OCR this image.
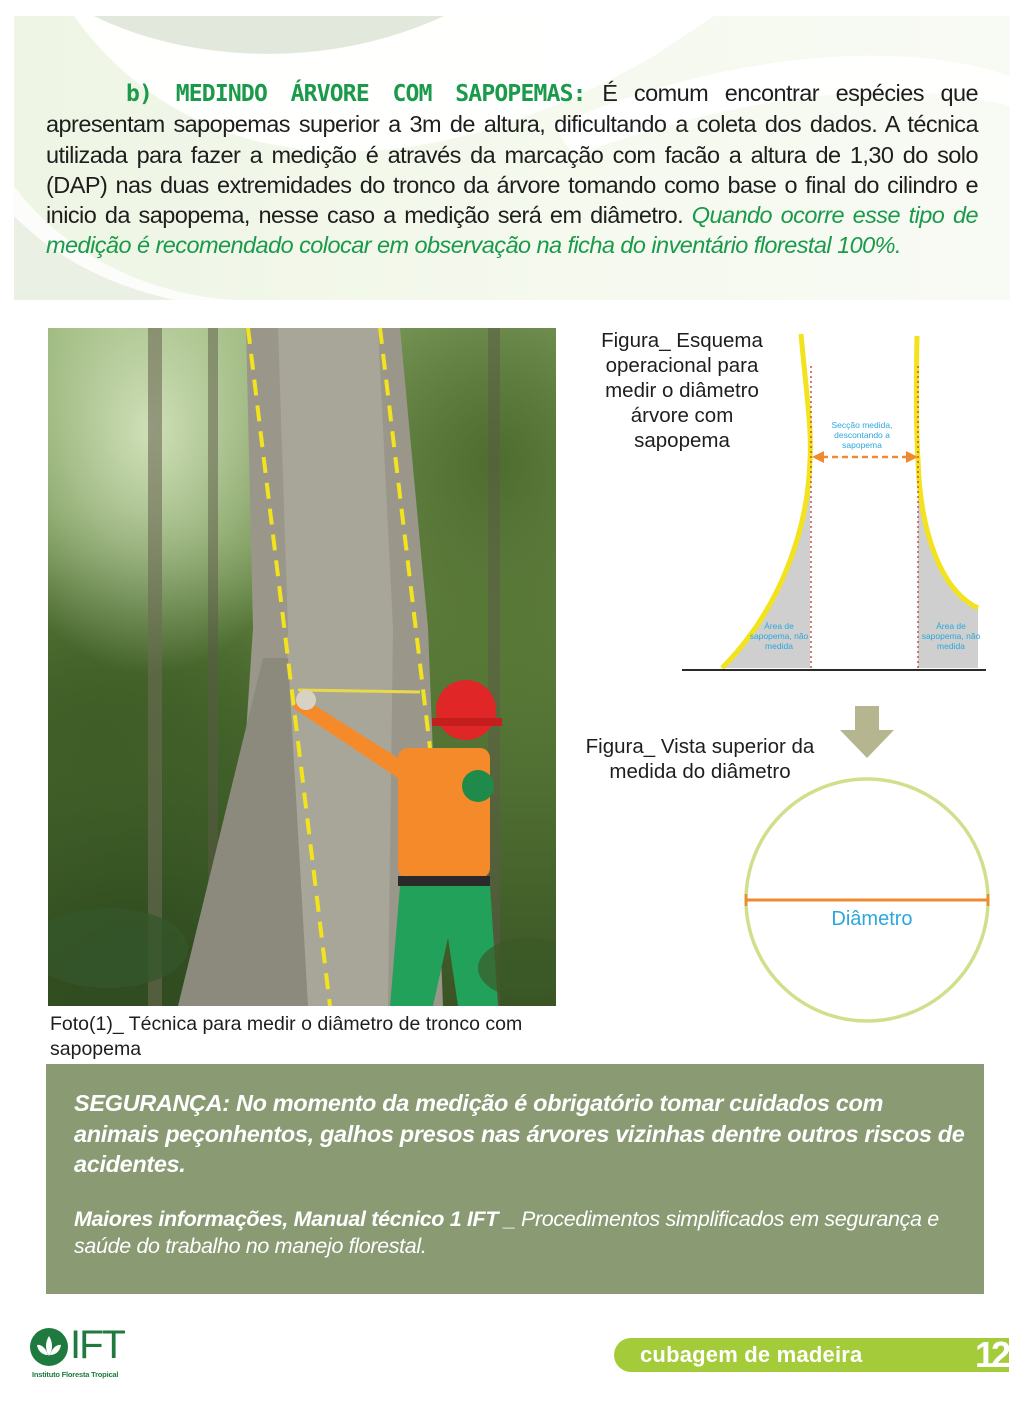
b) MEDINDO ÁRVORE COM SAPOPEMAS: É comum encontrar espécies que apresentam sapopemas superior a 3m de altura, dificultando a coleta dos dados. A técnica utilizada para fazer a medição é através da marcação com facão a altura de 1,30 do solo (DAP) nas duas extremidades do tronco da árvore tomando como base o final do cilindro e inicio da sapopema, nesse caso a medição será em diâmetro. Quando ocorre esse tipo de medição é recomendado colocar em observação na ficha do inventário florestal 100%.

Foto(1)_ Técnica para medir o diâmetro de tronco com sapopema
Figura_ Esquema operacional para medir o diâmetro árvore com sapopema
Secção medida, descontando a sapopema
Área de sapopema, não medida
Área de sapopema, não medida
Figura_ Vista superior da medida do diâmetro
Diâmetro

SEGURANÇA: No momento da medição é obrigatório tomar cuidados com animais peçonhentos, galhos presos nas árvores vizinhas dentre outros riscos de acidentes.

Maiores informações, Manual técnico 1 IFT _ Procedimentos simplificados em segurança e saúde do trabalho no manejo florestal.

IFT
Instituto Floresta Tropical
cubagem de madeira	12
